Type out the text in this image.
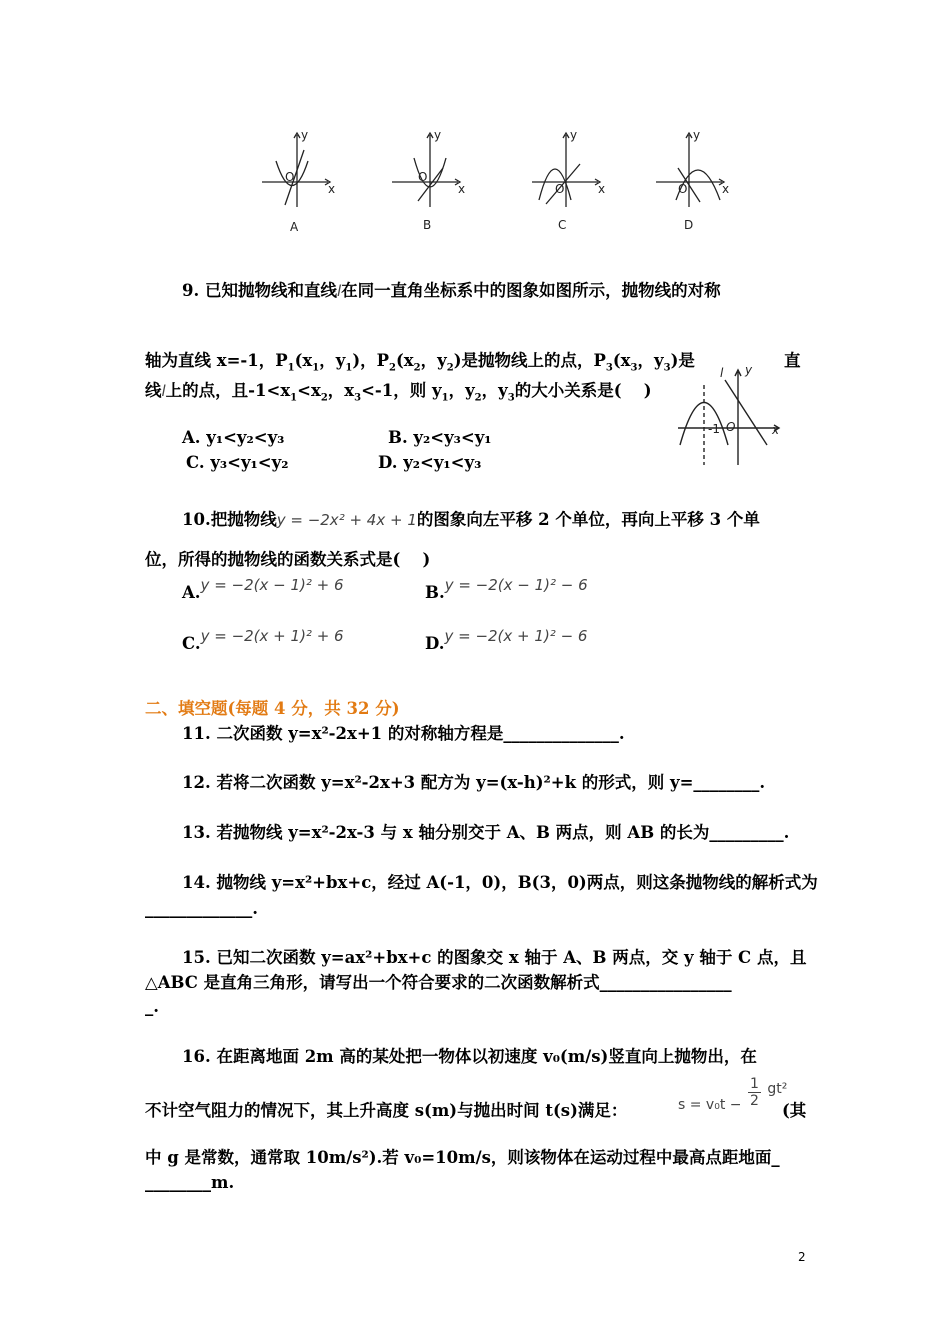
y
x
O
y
x
O
y
x
O
y
x
O
A	B	C	D
9. 已知抛物线和直线l在同一直角坐标系中的图象如图所示，抛物线的对称
轴为直线 x=-1，$P_1(x_1$，$y_1$)，$P_2(x_2$，$y_2$)是抛物线上的点，$P_3(x_3$，$y_3$)是	直
线l上的点，且$-1<x_1<x_2$，$x_3<-1$，则 $y_1$，$y_2$，$y_3$的大小关系是(　 )
A. y₁<y₂<y₃	B. y₂<y₃<y₁
C. y₃<y₁<y₂	D. y₂<y₁<y₃
l y
x
-1 O
10.把抛物线y = −2x² + 4x + 1的图象向左平移 2 个单位，再向上平移 3 个单
位，所得的抛物线的函数关系式是(　 )
A.y = −2(x − 1)² + 6	B.y = −2(x − 1)² − 6
C.y = −2(x + 1)² + 6	D.y = −2(x + 1)² − 6
二、填空题(每题 4 分，共 32 分)
11. 二次函数 y=x²-2x+1 的对称轴方程是______________.
12. 若将二次函数 y=x²-2x+3 配方为 y=(x-h)²+k 的形式，则 y=________.
13. 若抛物线 y=x²-2x-3 与 x 轴分别交于 A、B 两点，则 AB 的长为_________.
14. 抛物线 y=x²+bx+c，经过 A(-1，0)，B(3，0)两点，则这条抛物线的解析式为
_____________.
15. 已知二次函数 y=ax²+bx+c 的图象交 x 轴于 A、B 两点，交 y 轴于 C 点，且
△ABC 是直角三角形，请写出一个符合要求的二次函数解析式________________
_.
16. 在距离地面 2m 高的某处把一物体以初速度 v₀(m/s)竖直向上抛物出，在
不计空气阻力的情况下，其上升高度 s(m)与抛出时间 t(s)满足：	$s = v_0t - \frac{1}{2} gt^2$
(其
中 g 是常数，通常取 10m/s²).若 v₀=10m/s，则该物体在运动过程中最高点距地面_
________m.
2
